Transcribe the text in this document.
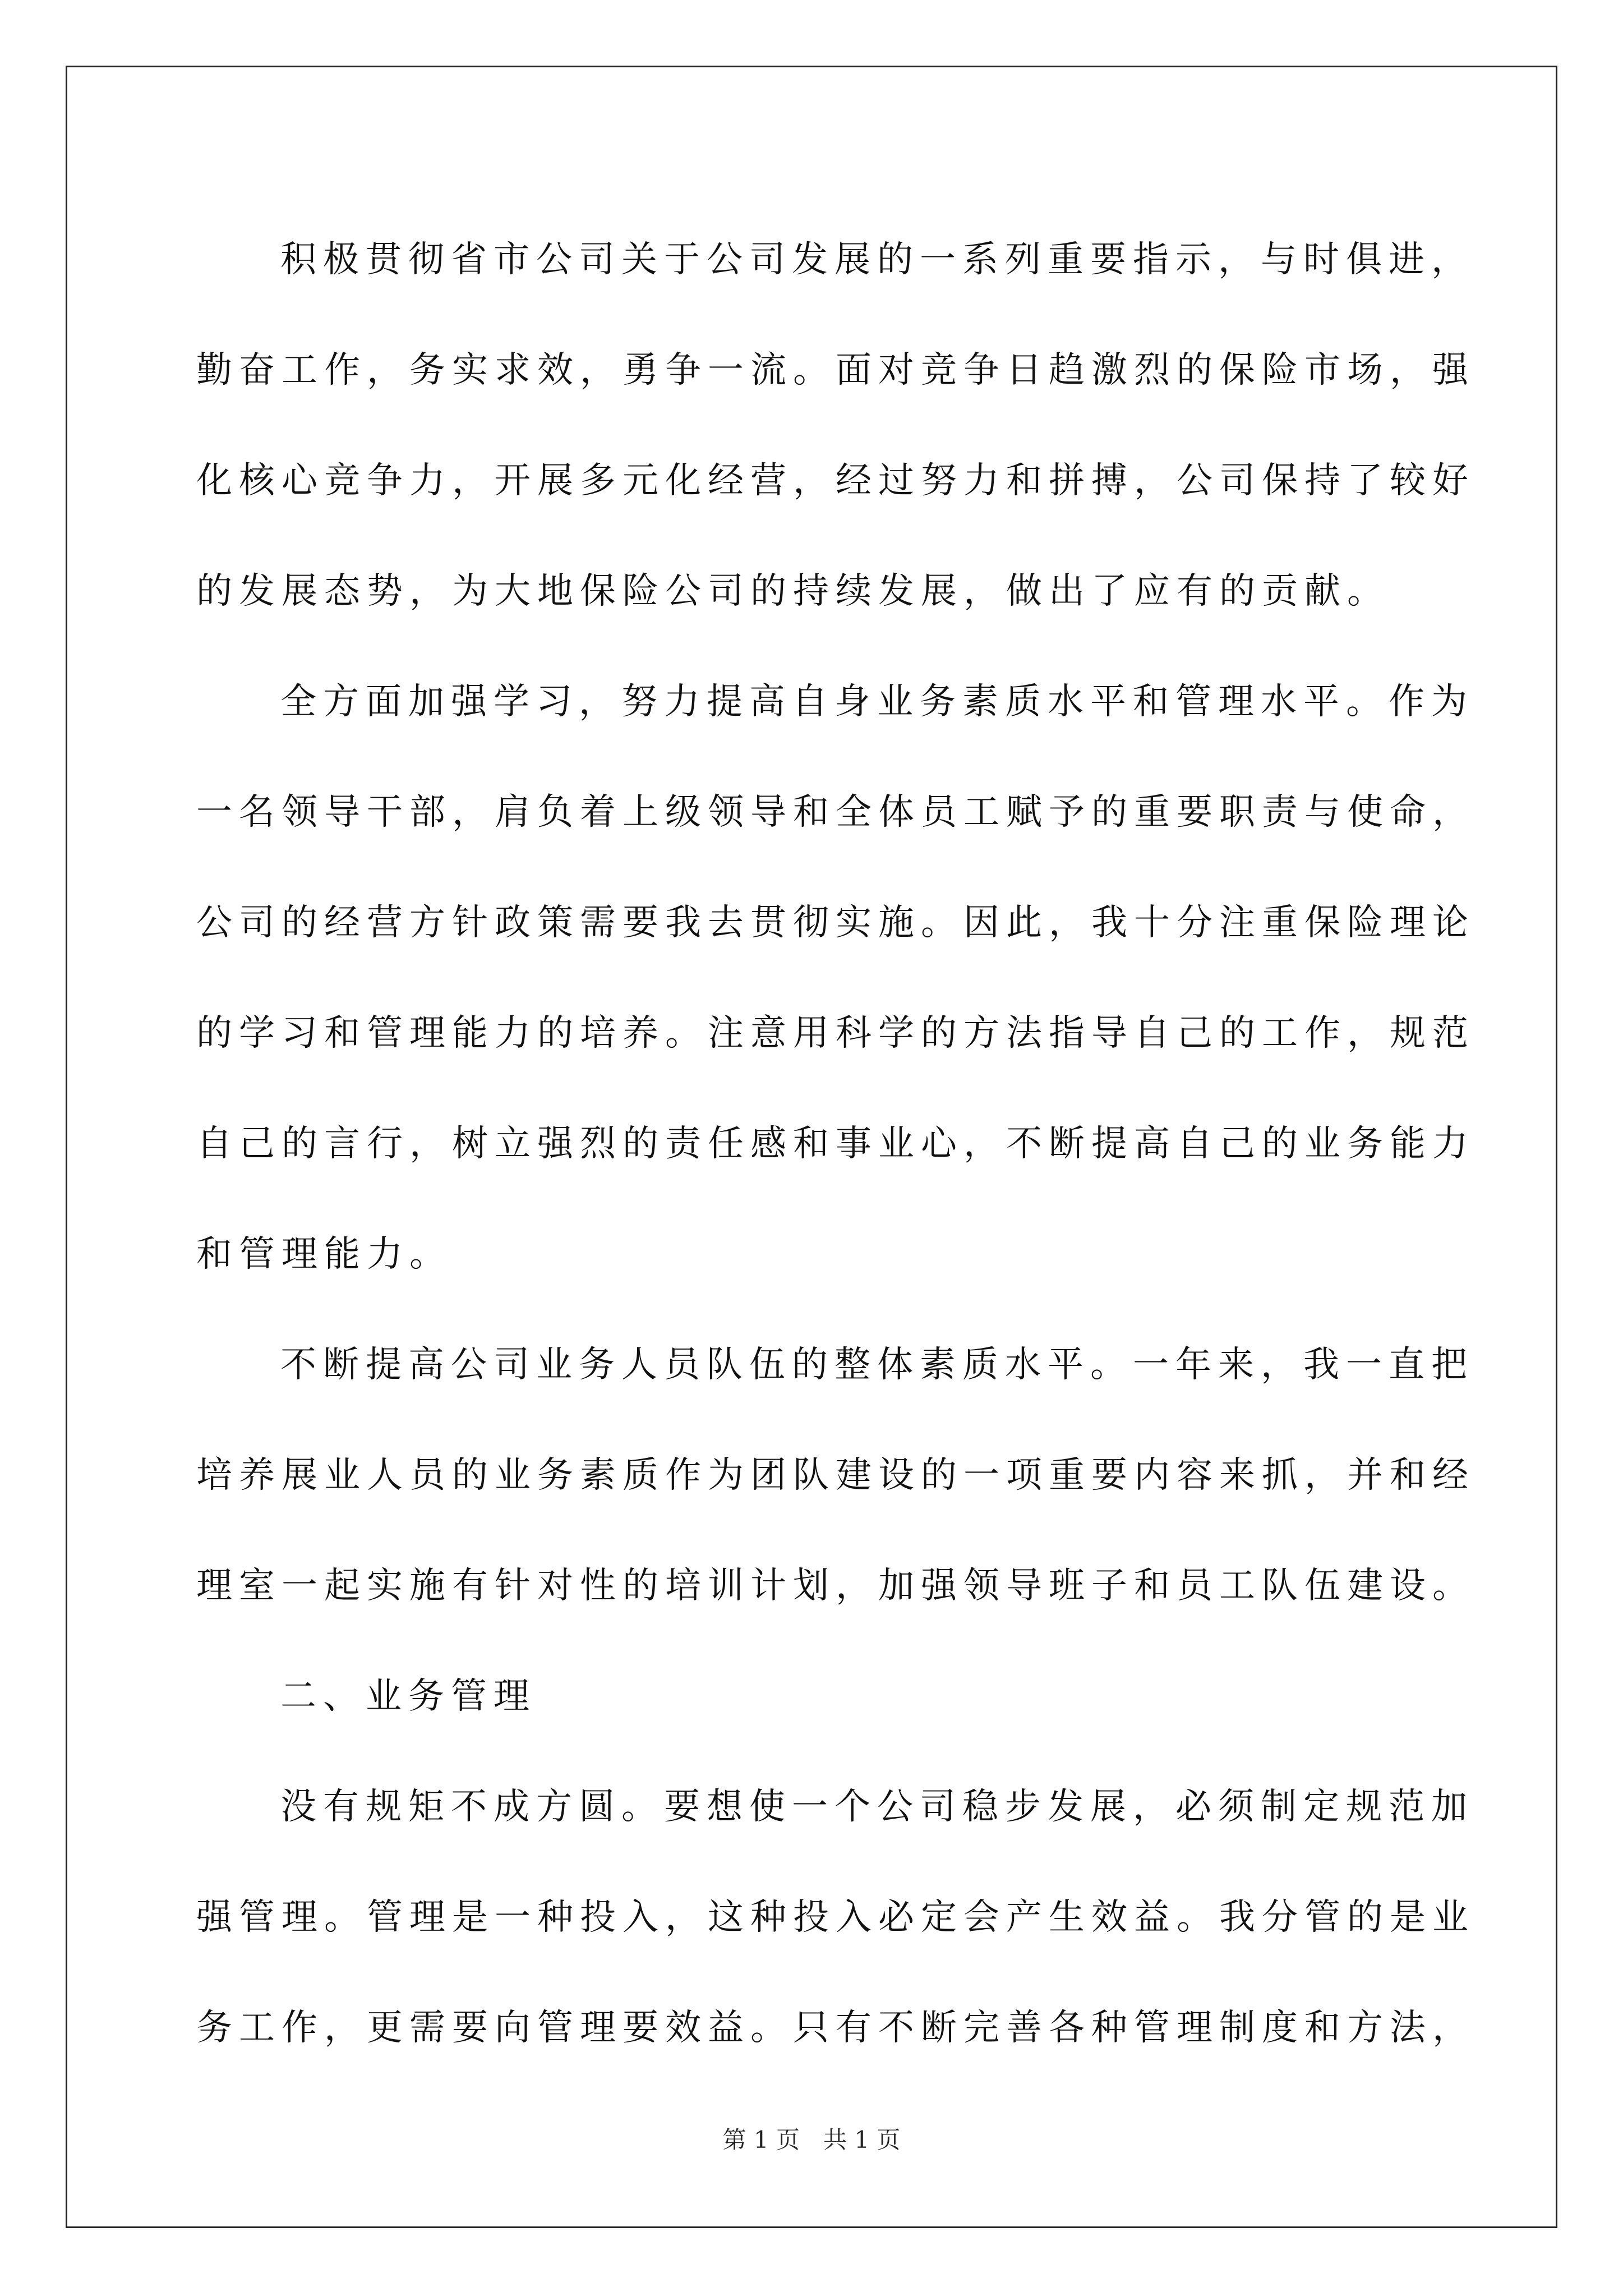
积极贯彻省市公司关于公司发展的一系列重要指示，与时俱进，
勤奋工作，务实求效，勇争一流。面对竞争日趋激烈的保险市场，强
化核心竞争力，开展多元化经营，经过努力和拼搏，公司保持了较好
的发展态势，为大地保险公司的持续发展，做出了应有的贡献。
全方面加强学习，努力提高自身业务素质水平和管理水平。作为
一名领导干部，肩负着上级领导和全体员工赋予的重要职责与使命，
公司的经营方针政策需要我去贯彻实施。因此，我十分注重保险理论
的学习和管理能力的培养。注意用科学的方法指导自己的工作，规范
自己的言行，树立强烈的责任感和事业心，不断提高自己的业务能力
和管理能力。
不断提高公司业务人员队伍的整体素质水平。一年来，我一直把
培养展业人员的业务素质作为团队建设的一项重要内容来抓，并和经
理室一起实施有针对性的培训计划，加强领导班子和员工队伍建设。
二、业务管理
没有规矩不成方圆。要想使一个公司稳步发展，必须制定规范加
强管理。管理是一种投入，这种投入必定会产生效益。我分管的是业
务工作，更需要向管理要效益。只有不断完善各种管理制度和方法，
第 1 页　共 1 页
